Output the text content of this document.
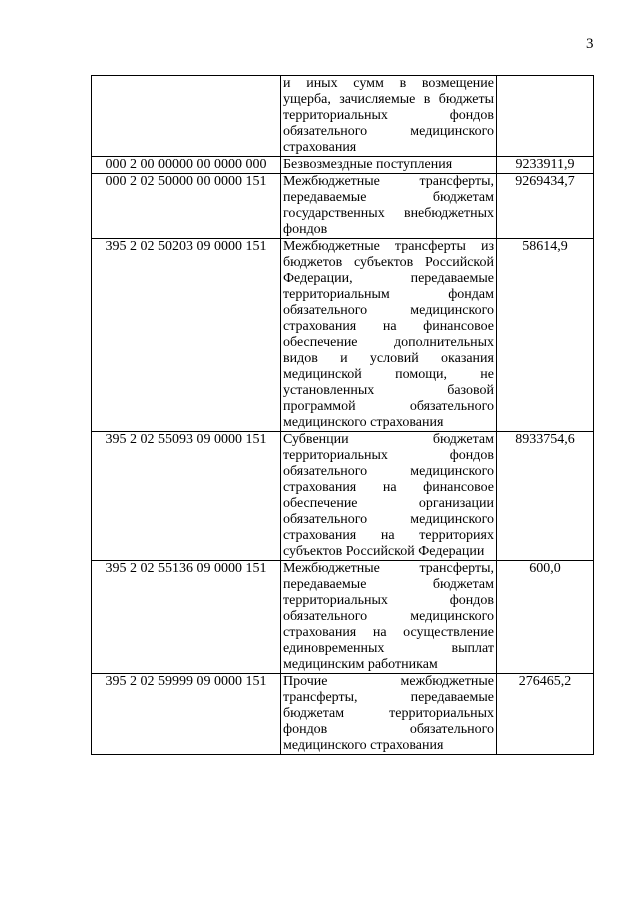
3
	и иных сумм в возмещение ущерба, зачисляемые в бюджеты территориальных фондов обязательного медицинского страхования	
000 2 00 00000 00 0000 000	Безвозмездные поступления	9233911,9
000 2 02 50000 00 0000 151	Межбюджетные трансферты, передаваемые бюджетам государственных внебюджетных фондов	9269434,7
395 2 02 50203 09 0000 151	Межбюджетные трансферты из бюджетов субъектов Российской Федерации, передаваемые территориальным фондам обязательного медицинского страхования на финансовое обеспечение дополнительных видов и условий оказания медицинской помощи, не установленных базовой программой обязательного медицинского страхования	58614,9
395 2 02 55093 09 0000 151	Субвенции бюджетам территориальных фондов обязательного медицинского страхования на финансовое обеспечение организации обязательного медицинского страхования на территориях субъектов Российской Федерации	8933754,6
395 2 02 55136 09 0000 151	Межбюджетные трансферты, передаваемые бюджетам территориальных фондов обязательного медицинского страхования на осуществление единовременных выплат медицинским работникам	600,0
395 2 02 59999 09 0000 151	Прочие межбюджетные трансферты, передаваемые бюджетам территориальных фондов обязательного медицинского страхования	276465,2
